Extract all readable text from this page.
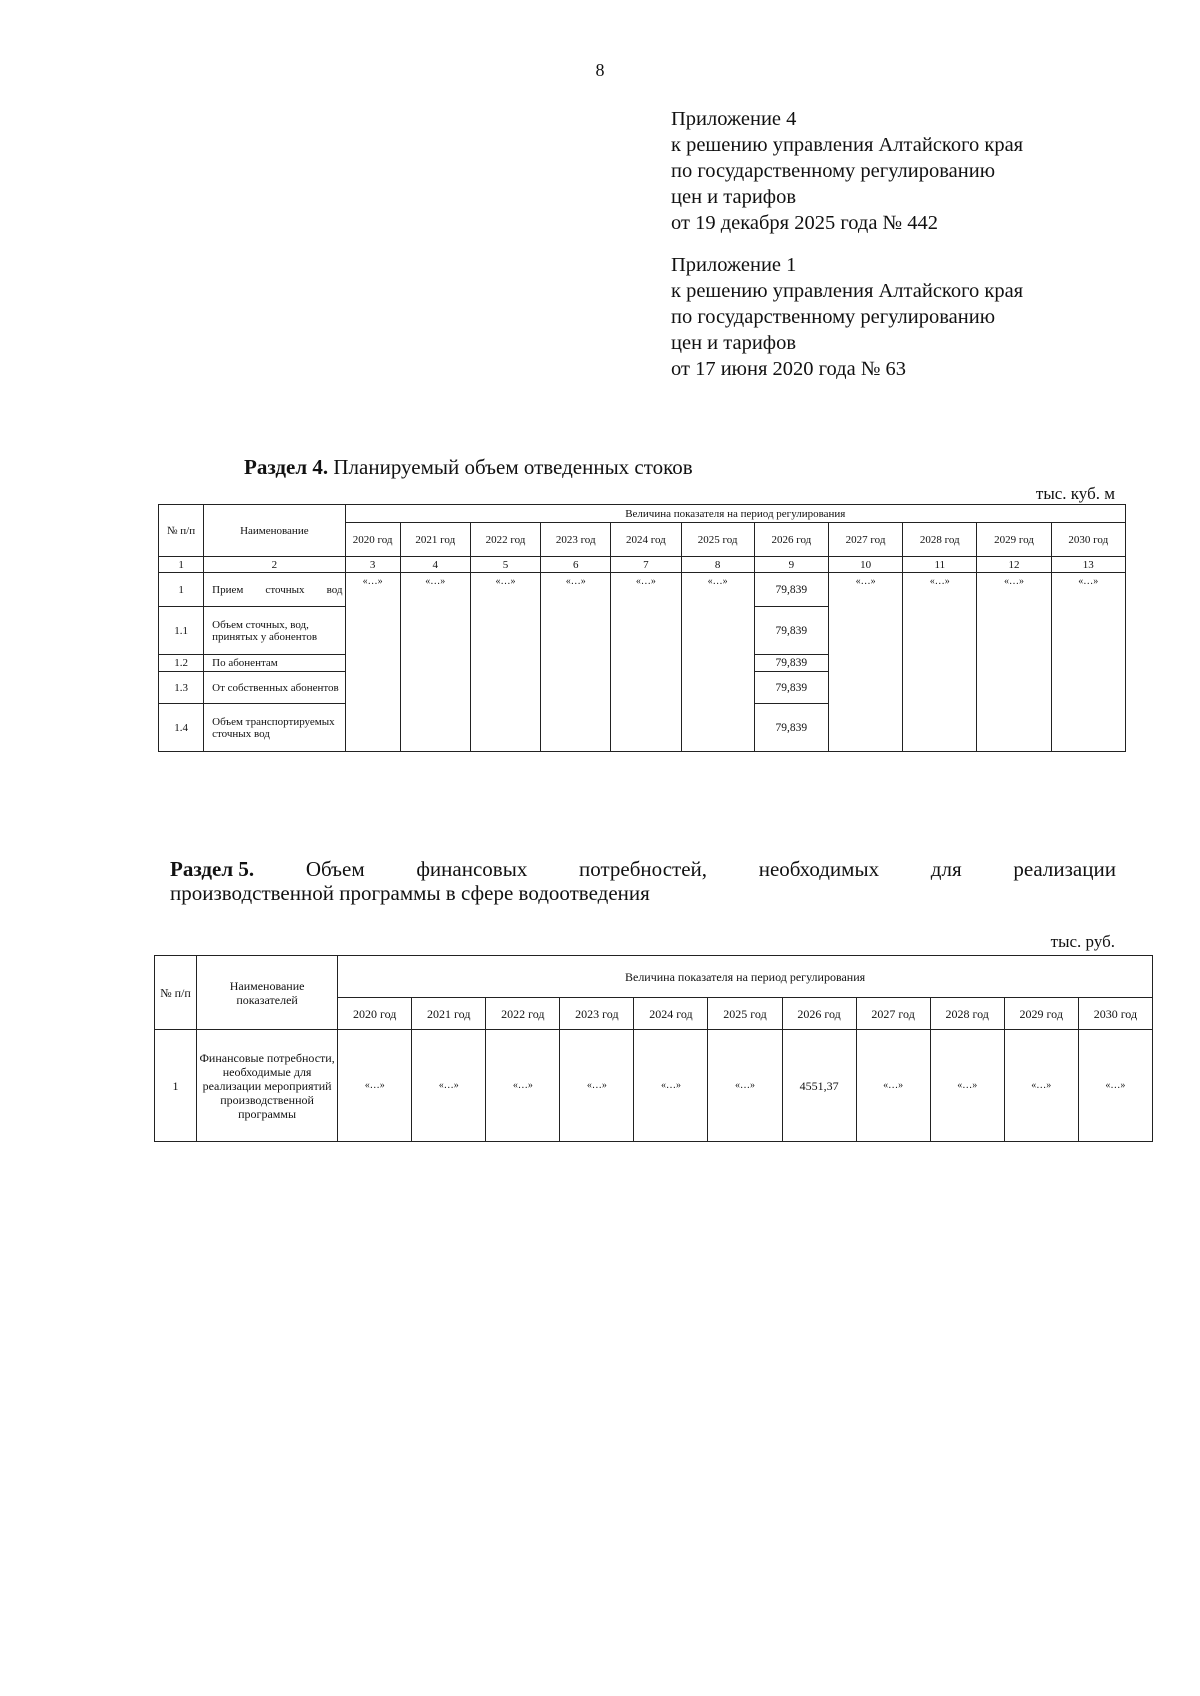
8
Приложение 4
к решению управления Алтайского края
по государственному регулированию
цен и тарифов
от 19 декабря 2025 года № 442
Приложение 1
к решению управления Алтайского края
по государственному регулированию
цен и тарифов
от 17 июня 2020 года № 63
Раздел 4. Планируемый объем отведенных стоков
тыс. куб. м
№ п/п	Наименование	Величина показателя на период регулирования										
		2020 год	2021 год	2022 год	2023 год	2024 год	2025 год	2026 год	2027 год	2028 год	2029 год	2030 год
1	2	3	4	5	6	7	8	9	10	11	12	13
1	Прием сточных вод	«…»	«…»	«…»	«…»	«…»	«…»	79,839	«…»	«…»	«…»	«…»
1.1	Объем сточных, вод, принятых у абонентов							79,839				
1.2	По абонентам							79,839				
1.3	От собственных абонентов							79,839				
1.4	Объем транспортируемых сточных вод							79,839				
Раздел 5. Объем финансовых потребностей, необходимых для реализации
производственной программы в сфере водоотведения
тыс. руб.
№ п/п	Наименование показателей	Величина показателя на период регулирования										
		2020 год	2021 год	2022 год	2023 год	2024 год	2025 год	2026 год	2027 год	2028 год	2029 год	2030 год
1	Финансовые потребности, необходимые для реализации мероприятий производственной программы	«…»	«…»	«…»	«…»	«…»	«…»	4551,37	«…»	«…»	«…»	«…»
